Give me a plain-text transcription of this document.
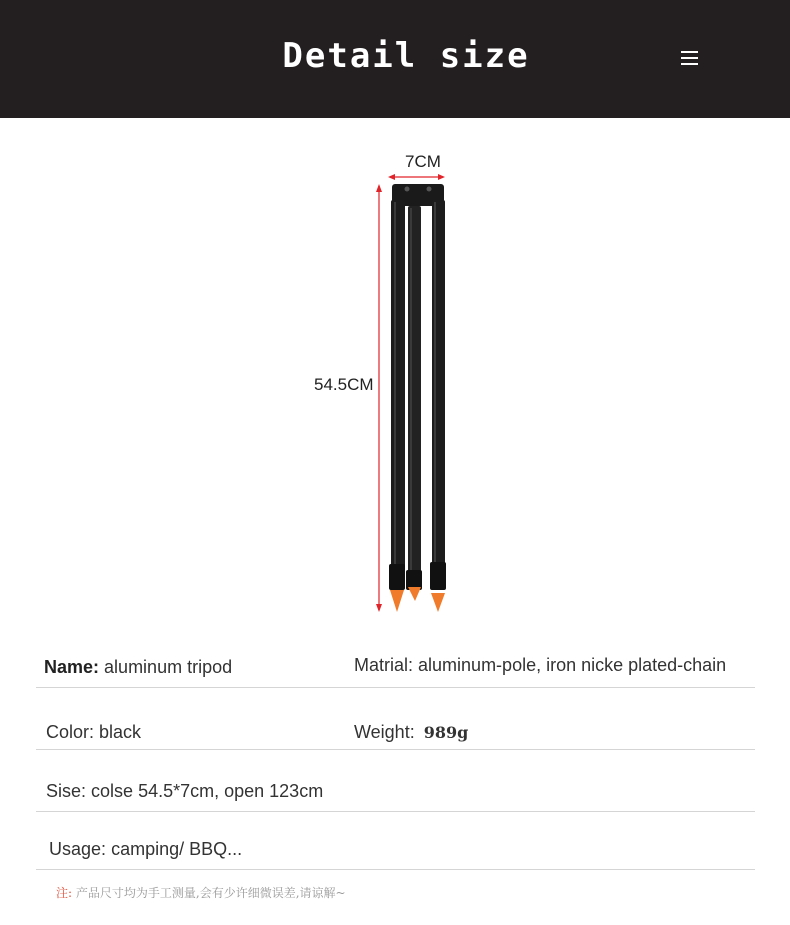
Detail size
7CM
54.5CM
Name: aluminum tripod	Matrial: aluminum-pole, iron nicke plated-chain
Color: black	Weight: 989g
Sise: colse 54.5*7cm, open 123cm
Usage: camping/ BBQ...
注: 产品尺寸均为手工测量,会有少许细微误差,请谅解~
